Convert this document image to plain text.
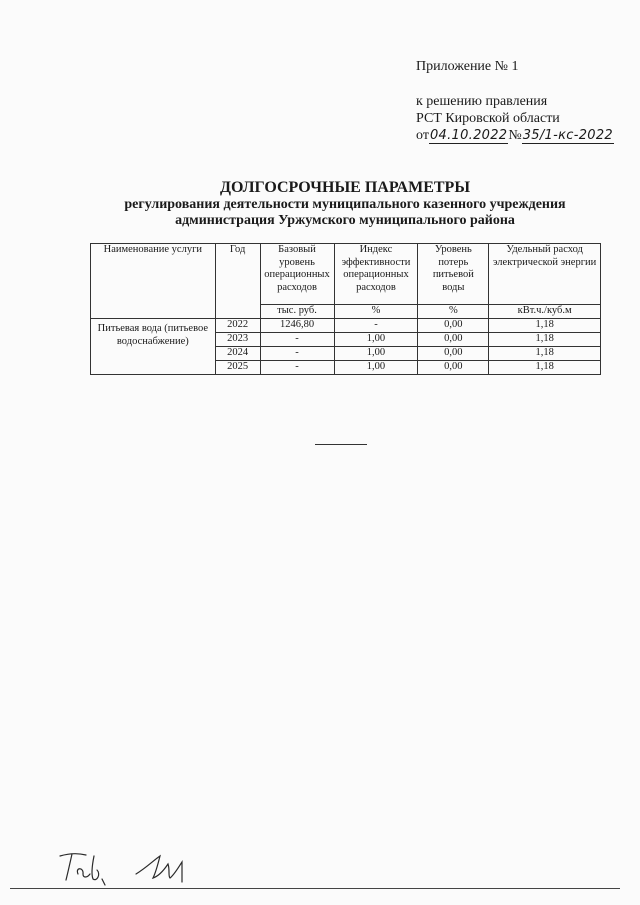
Приложение № 1
к решению правления
РСТ Кировской области
от04.10.2022№35/1-кс-2022
ДОЛГОСРОЧНЫЕ ПАРАМЕТРЫ
регулирования деятельности муниципального казенного учреждения
администрация Уржумского муниципального района
Наименование услуги	Год	Базовый уровень операционных расходов	Индекс эффективности операционных расходов	Уровень потерь питьевой воды	Удельный расход электрической энергии
		тыс. руб.	%	%	кВт.ч./куб.м
Питьевая вода (питьевое водоснабжение)	2022	1246,80	-	0,00	1,18
	2023	-	1,00	0,00	1,18
	2024	-	1,00	0,00	1,18
	2025	-	1,00	0,00	1,18
